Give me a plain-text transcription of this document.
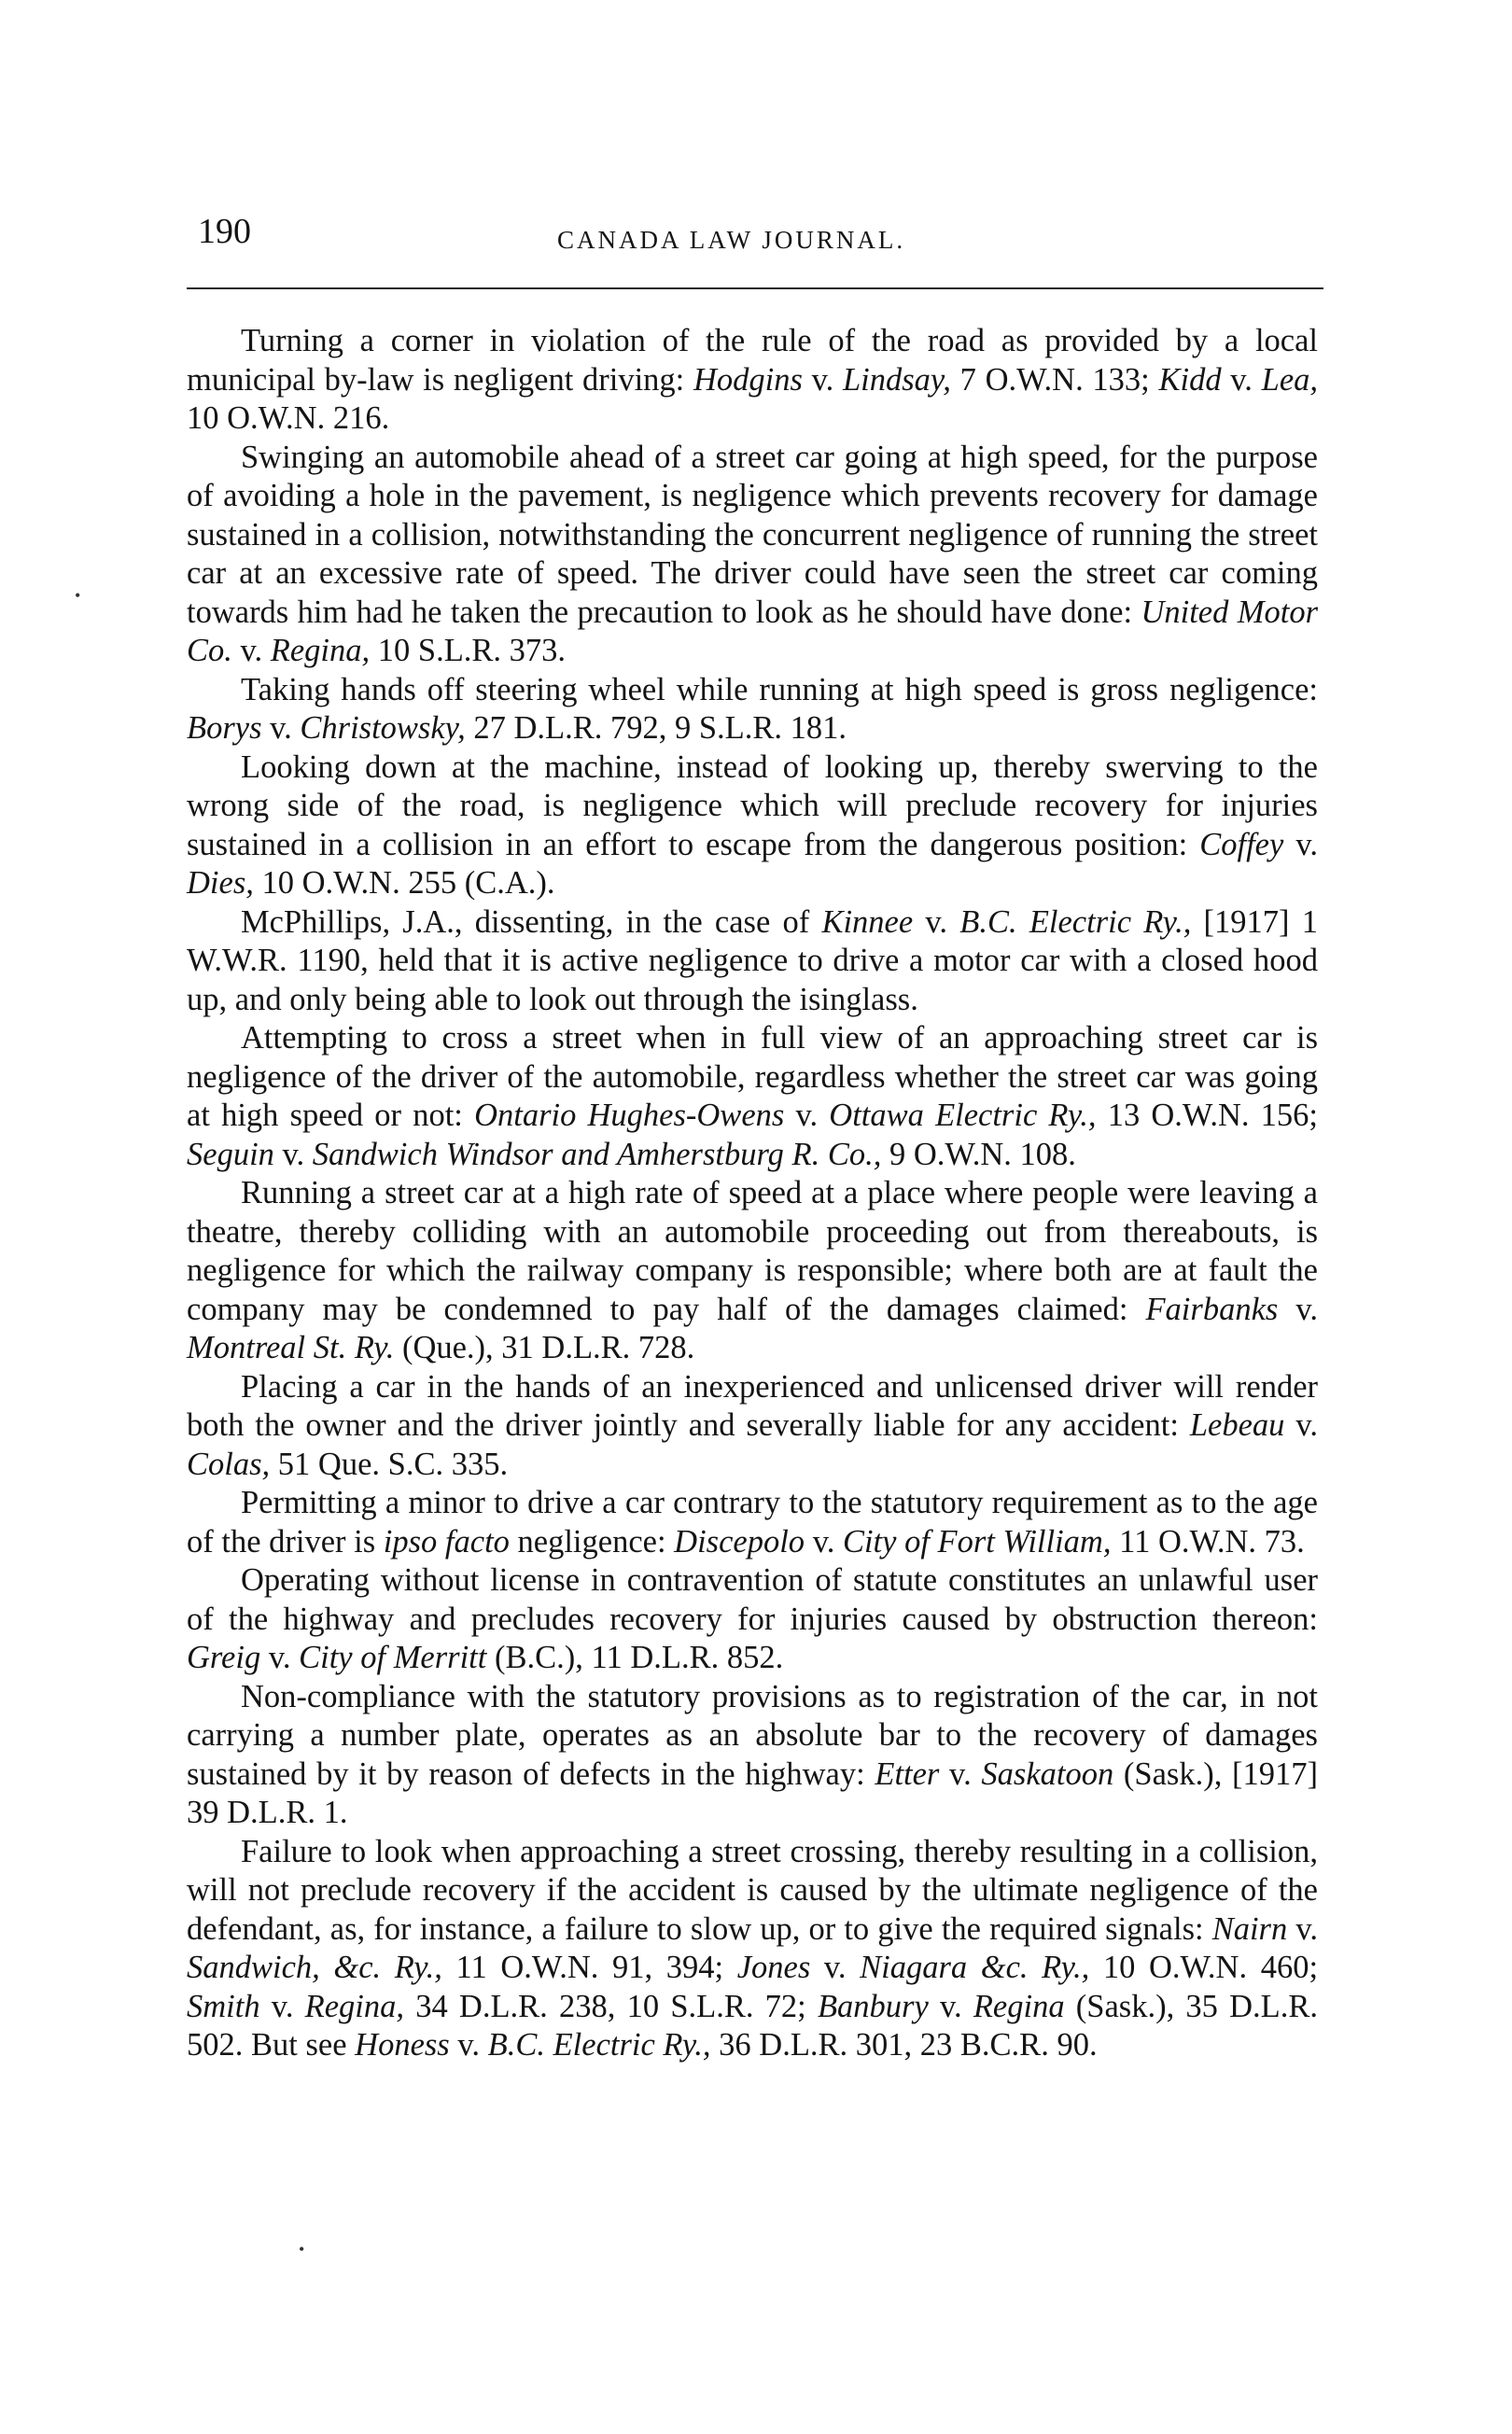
190	CANADA LAW JOURNAL.

Turning a corner in violation of the rule of the road as provided by a local municipal by-law is negligent driving: Hodgins v. Lindsay, 7 O.W.N. 133; Kidd v. Lea, 10 O.W.N. 216.

Swinging an automobile ahead of a street car going at high speed, for the purpose of avoiding a hole in the pavement, is negligence which prevents recovery for damage sustained in a collision, notwithstanding the concurrent negligence of running the street car at an excessive rate of speed. The driver could have seen the street car coming towards him had he taken the precaution to look as he should have done: United Motor Co. v. Regina, 10 S.L.R. 373.

Taking hands off steering wheel while running at high speed is gross negligence: Borys v. Christowsky, 27 D.L.R. 792, 9 S.L.R. 181.

Looking down at the machine, instead of looking up, thereby swerving to the wrong side of the road, is negligence which will preclude recovery for injuries sustained in a collision in an effort to escape from the dangerous position: Coffey v. Dies, 10 O.W.N. 255 (C.A.).

McPhillips, J.A., dissenting, in the case of Kinnee v. B.C. Electric Ry., [1917] 1 W.W.R. 1190, held that it is active negligence to drive a motor car with a closed hood up, and only being able to look out through the isinglass.

Attempting to cross a street when in full view of an approaching street car is negligence of the driver of the automobile, regardless whether the street car was going at high speed or not: Ontario Hughes-Owens v. Ottawa Electric Ry., 13 O.W.N. 156; Seguin v. Sandwich Windsor and Amherstburg R. Co., 9 O.W.N. 108.

Running a street car at a high rate of speed at a place where people were leaving a theatre, thereby colliding with an automobile proceeding out from thereabouts, is negligence for which the railway company is responsible; where both are at fault the company may be condemned to pay half of the damages claimed: Fairbanks v. Montreal St. Ry. (Que.), 31 D.L.R. 728.

Placing a car in the hands of an inexperienced and unlicensed driver will render both the owner and the driver jointly and severally liable for any accident: Lebeau v. Colas, 51 Que. S.C. 335.

Permitting a minor to drive a car contrary to the statutory requirement as to the age of the driver is ipso facto negligence: Discepolo v. City of Fort William, 11 O.W.N. 73.

Operating without license in contravention of statute constitutes an unlawful user of the highway and precludes recovery for injuries caused by obstruction thereon: Greig v. City of Merritt (B.C.), 11 D.L.R. 852.

Non-compliance with the statutory provisions as to registration of the car, in not carrying a number plate, operates as an absolute bar to the recovery of damages sustained by it by reason of defects in the highway: Etter v. Saskatoon (Sask.), [1917] 39 D.L.R. 1.

Failure to look when approaching a street crossing, thereby resulting in a collision, will not preclude recovery if the accident is caused by the ultimate negligence of the defendant, as, for instance, a failure to slow up, or to give the required signals: Nairn v. Sandwich, &c. Ry., 11 O.W.N. 91, 394; Jones v. Niagara &c. Ry., 10 O.W.N. 460; Smith v. Regina, 34 D.L.R. 238, 10 S.L.R. 72; Banbury v. Regina (Sask.), 35 D.L.R. 502. But see Honess v. B.C. Electric Ry., 36 D.L.R. 301, 23 B.C.R. 90.

•
•
